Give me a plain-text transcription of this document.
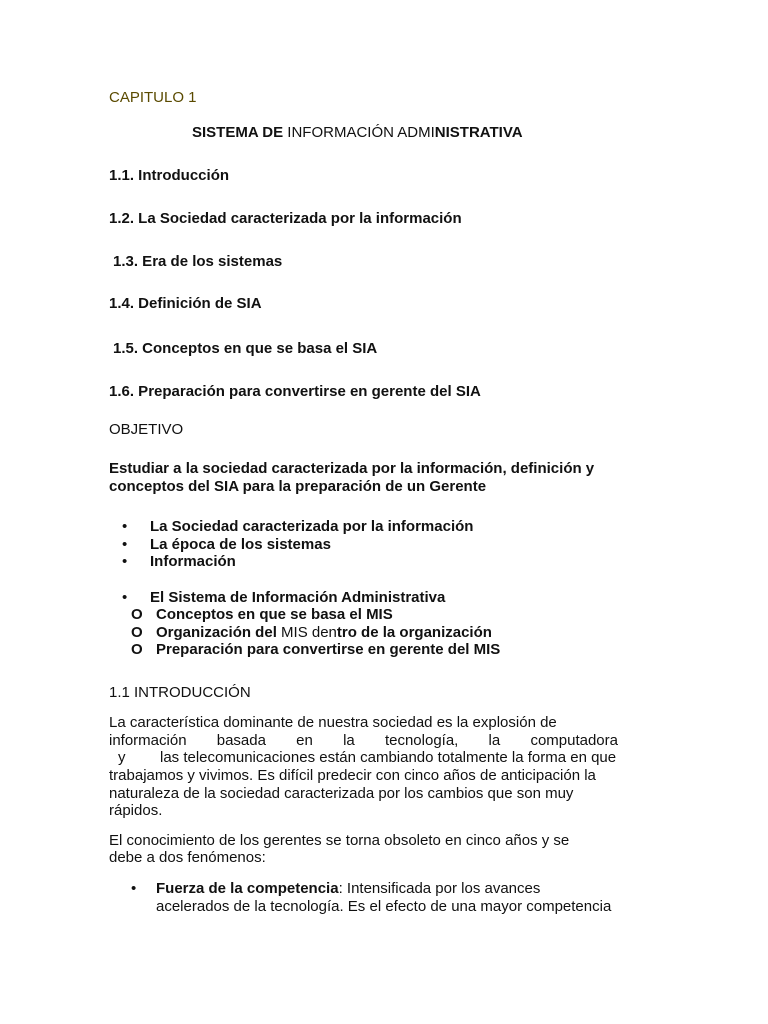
CAPITULO 1
SISTEMA DE INFORMACIÓN ADMINISTRATIVA
1.1. Introducción
1.2. La Sociedad caracterizada por la información
1.3. Era de los sistemas
1.4. Definición de SIA
1.5. Conceptos en que se basa el SIA
1.6. Preparación para convertirse en gerente del SIA
OBJETIVO
Estudiar a la sociedad caracterizada por la información, definición y
conceptos del SIA para la preparación de un Gerente
• La Sociedad caracterizada por la información
• La época de los sistemas
• Información
• El Sistema de Información Administrativa
O Conceptos en que se basa el MIS
O Organización del MIS dentro de la organización
O Preparación para convertirse en gerente del MIS
1.1 INTRODUCCIÓN
La característica dominante de nuestra sociedad es la explosión de
información basada en la tecnología, la computadora
y las telecomunicaciones están cambiando totalmente la forma en que
trabajamos y vivimos. Es difícil predecir con cinco años de anticipación la
naturaleza de la sociedad caracterizada por los cambios que son muy
rápidos.
El conocimiento de los gerentes se torna obsoleto en cinco años y se
debe a dos fenómenos:
• Fuerza de la competencia: Intensificada por los avances
acelerados de la tecnología. Es el efecto de una mayor competencia
